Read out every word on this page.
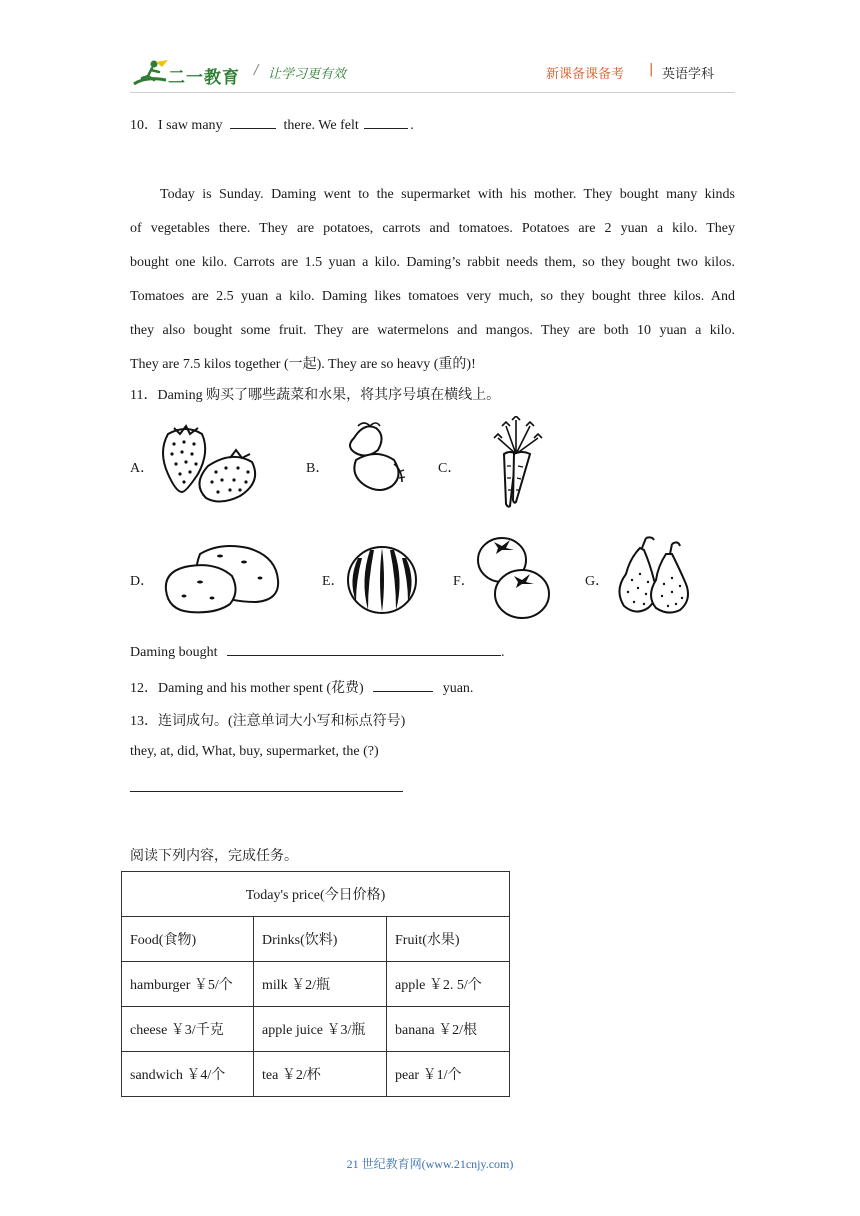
二一教育 / 让学习更有效	新课备课备考 | 英语学科
10．I saw many	there. We felt	.
Today is Sunday. Daming went to the supermarket with his mother. They bought many kinds
of vegetables there. They are potatoes, carrots and tomatoes. Potatoes are 2 yuan a kilo. They
bought one kilo. Carrots are 1.5 yuan a kilo. Daming’s rabbit needs them, so they bought two kilos.
Tomatoes are 2.5 yuan a kilo. Daming likes tomatoes very much, so they bought three kilos. And
they also bought some fruit. They are watermelons and mangos. They are both 10 yuan a kilo.
They are 7.5 kilos together (一起). They are so heavy (重的)!
11．Daming 购买了哪些蔬菜和水果，将其序号填在横线上。
A．	B．	C．
D．	E．	F．	G．
Daming bought	.
12．Daming and his mother spent (花费)	yuan.
13．连词成句。(注意单词大小写和标点符号)
they, at, did, What, buy, supermarket, the (?)
阅读下列内容，完成任务。
Today's price(今日价格)		
Food(食物)	Drinks(饮料)	Fruit(水果)
hamburger ￥5/个	milk ￥2/瓶	apple ￥2. 5/个
cheese ￥3/千克	apple juice ￥3/瓶	banana ￥2/根
sandwich ￥4/个	tea ￥2/杯	pear ￥1/个
21 世纪教育网(www.21cnjy.com)
